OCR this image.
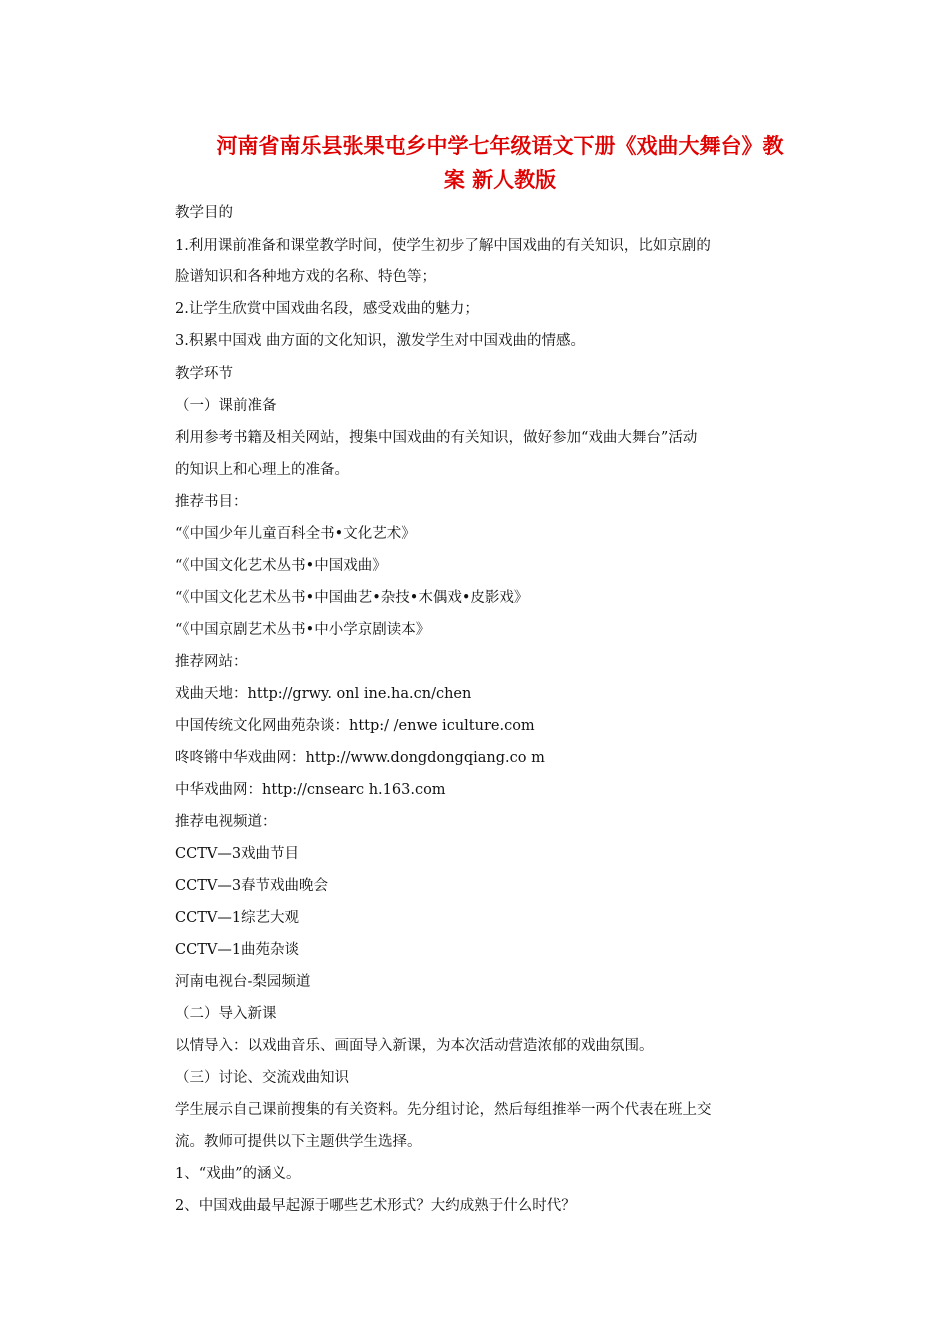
河南省南乐县张果屯乡中学七年级语文下册《戏曲大舞台》教
案 新人教版

教学目的

1.利用课前准备和课堂教学时间，使学生初步了解中国戏曲的有关知识，比如京剧的

脸谱知识和各种地方戏的名称、特色等；

2.让学生欣赏中国戏曲名段，感受戏曲的魅力；

3.积累中国戏 曲方面的文化知识，激发学生对中国戏曲的情感。

教学环节

（一）课前准备

利用参考书籍及相关网站，搜集中国戏曲的有关知识，做好参加“戏曲大舞台”活动

的知识上和心理上的准备。

推荐书目：

“《中国少年儿童百科全书•文化艺术》

“《中国文化艺术丛书•中国戏曲》

“《中国文化艺术丛书•中国曲艺•杂技•木偶戏•皮影戏》

“《中国京剧艺术丛书•中小学京剧读本》

推荐网站：

戏曲天地：http://grwy. onl ine.ha.cn/chen

中国传统文化网曲苑杂谈：http:/ /enwe iculture.com

咚咚锵中华戏曲网：http://www.dongdongqiang.co m

中华戏曲网：http://cnsearc h.163.com

推荐电视频道：

CCTV—3戏曲节目

CCTV—3春节戏曲晚会

CCTV—1综艺大观

CCTV—1曲苑杂谈

河南电视台-梨园频道

（二）导入新课

以情导入：以戏曲音乐、画面导入新课，为本次活动营造浓郁的戏曲氛围。

（三）讨论、交流戏曲知识

学生展示自己课前搜集的有关资料。先分组讨论，然后每组推举一两个代表在班上交

流。教师可提供以下主题供学生选择。

1、“戏曲”的涵义。

2、中国戏曲最早起源于哪些艺术形式？大约成熟于什么时代？
